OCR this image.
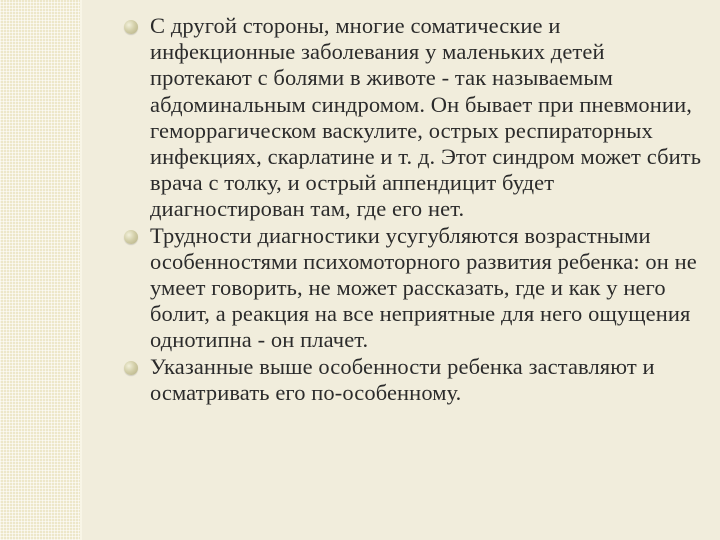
С другой стороны, многие соматические и инфекционные заболевания у маленьких детей протекают с болями в животе - так называемым абдоминальным синдромом. Он бывает при пневмонии, геморрагическом васкулите, острых респираторных инфекциях, скарлатине и т. д. Этот синдром может сбить врача с толку, и острый аппендицит будет диагностирован там, где его нет.
Трудности диагностики усугубляются возрастными особенностями психомоторного развития ребенка: он не умеет говорить, не может рассказать, где и как у него болит, а реакция на все неприятные для него ощущения однотипна - он плачет.
Указанные выше особенности ребенка заставляют и осматривать его по-особенному.
